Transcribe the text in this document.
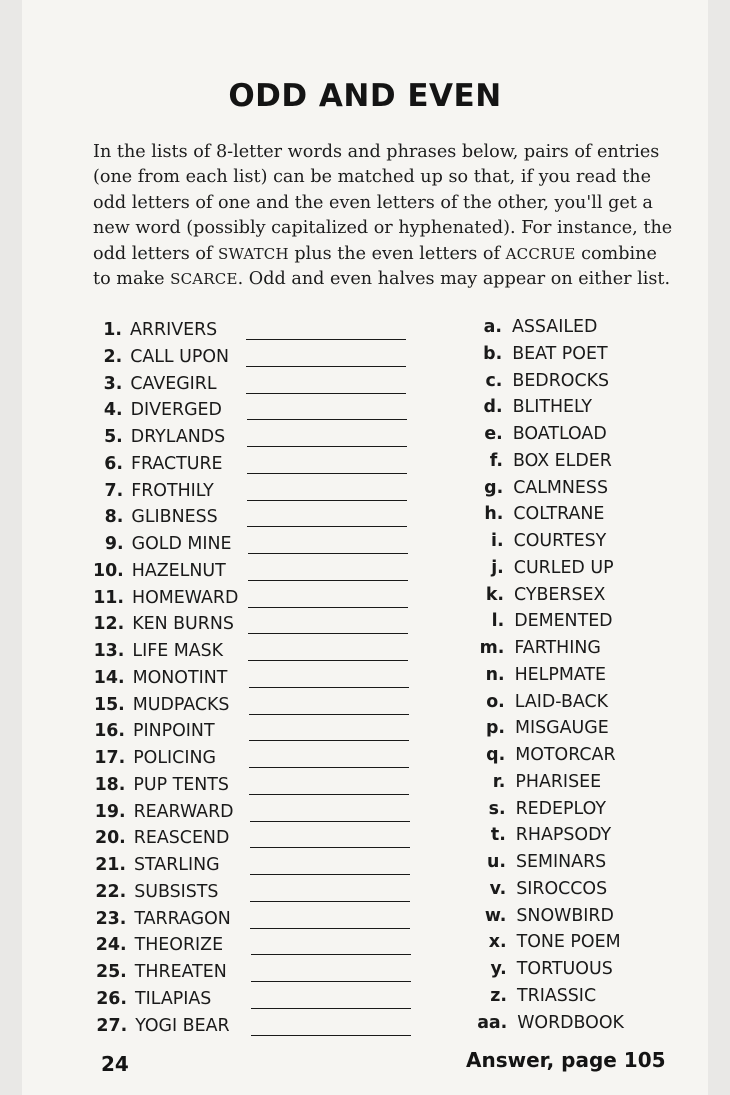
ODD AND EVEN
In the lists of 8-letter words and phrases below, pairs of entries
(one from each list) can be matched up so that, if you read the
odd letters of one and the even letters of the other, you'll get a
new word (possibly capitalized or hyphenated). For instance, the
odd letters of SWATCH plus the even letters of ACCRUE combine
to make SCARCE. Odd and even halves may appear on either list.
1. ARRIVERS
2. CALL UPON
3. CAVEGIRL
4. DIVERGED
5. DRYLANDS
6. FRACTURE
7. FROTHILY
8. GLIBNESS
9. GOLD MINE
10. HAZELNUT
11. HOMEWARD
12. KEN BURNS
13. LIFE MASK
14. MONOTINT
15. MUDPACKS
16. PINPOINT
17. POLICING
18. PUP TENTS
19. REARWARD
20. REASCEND
21. STARLING
22. SUBSISTS
23. TARRAGON
24. THEORIZE
25. THREATEN
26. TILAPIAS
27. YOGI BEAR
a. ASSAILED
b. BEAT POET
c. BEDROCKS
d. BLITHELY
e. BOATLOAD
f. BOX ELDER
g. CALMNESS
h. COLTRANE
i. COURTESY
j. CURLED UP
k. CYBERSEX
l. DEMENTED
m. FARTHING
n. HELPMATE
o. LAID-BACK
p. MISGAUGE
q. MOTORCAR
r. PHARISEE
s. REDEPLOY
t. RHAPSODY
u. SEMINARS
v. SIROCCOS
w. SNOWBIRD
x. TONE POEM
y. TORTUOUS
z. TRIASSIC
aa. WORDBOOK
24	Answer, page 105
